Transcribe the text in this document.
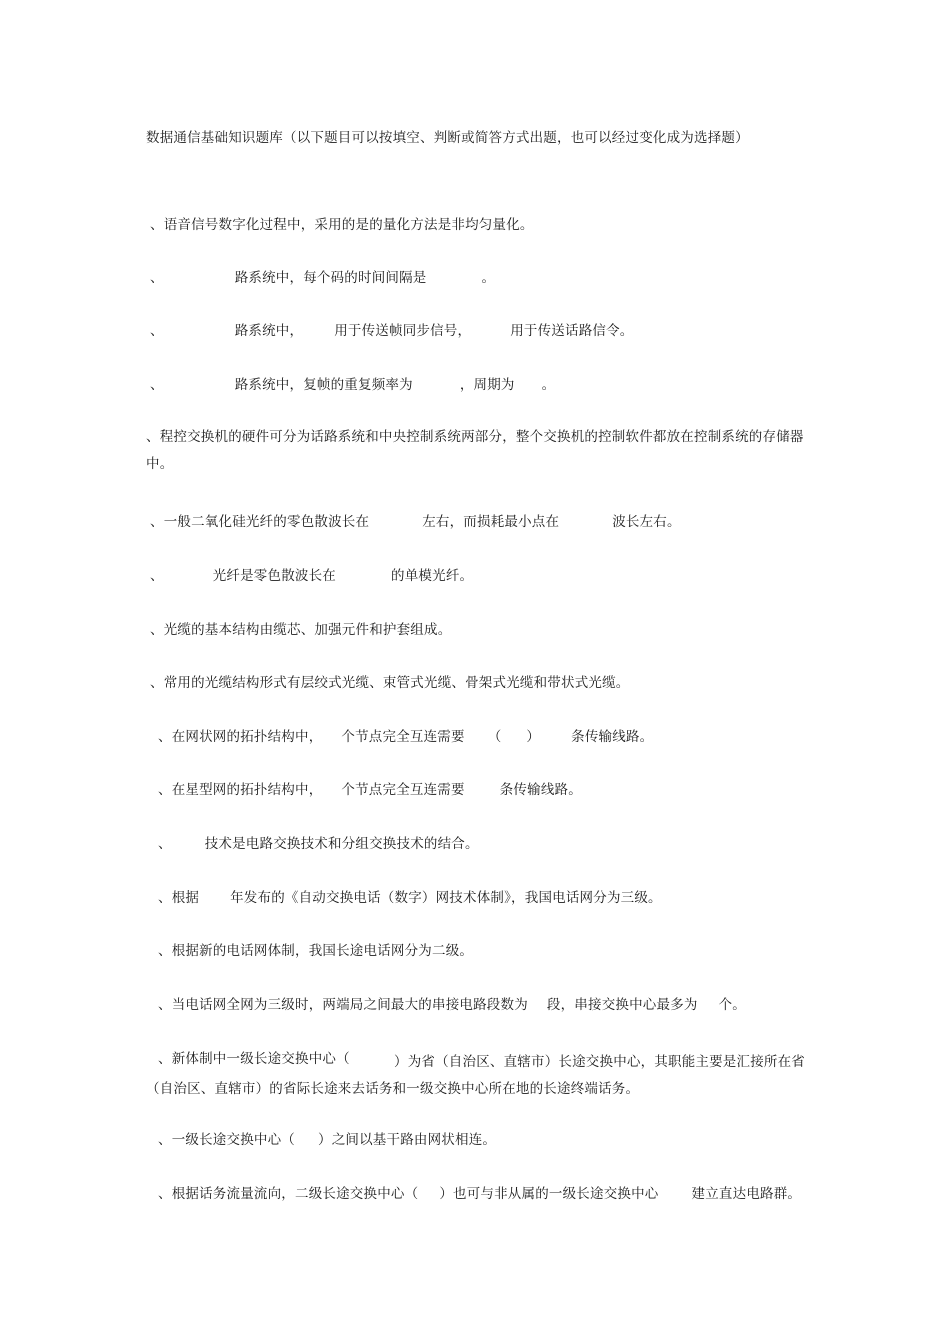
数据通信基础知识题库（以下题目可以按填空、判断或简答方式出题，也可以经过变化成为选择题）
、语音信号数字化过程中，采用的是的量化方法是非均匀量化。
、	路系统中，每个码的时间间隔是	。
、	路系统中， 用于传送帧同步信号，	用于传送话路信令。
、	路系统中，复帧的重复频率为	，周期为 。
、程控交换机的硬件可分为话路系统和中央控制系统两部分，整个交换机的控制软件都放在控制系统的存储器中。
、一般二氧化硅光纤的零色散波长在	左右，而损耗最小点在	波长左右。
、	光纤是零色散波长在	的单模光纤。
、光缆的基本结构由缆芯、加强元件和护套组成。
、常用的光缆结构形式有层绞式光缆、束管式光缆、骨架式光缆和带状式光缆。
、在网状网的拓扑结构中， 个节点完全互连需要 （ ） 条传输线路。
、在星型网的拓扑结构中， 个节点完全互连需要	条传输线路。
、 技术是电路交换技术和分组交换技术的结合。
、根据 年发布的《自动交换电话（数字）网技术体制》，我国电话网分为三级。
、根据新的电话网体制，我国长途电话网分为二级。
、当电话网全网为三级时，两端局之间最大的串接电路段数为 段，串接交换中心最多为 个。
、新体制中一级长途交换中心（	）为省（自治区、直辖市）长途交换中心，其职能主要是汇接所在省（自治区、直辖市）的省际长途来去话务和一级交换中心所在地的长途终端话务。
、一级长途交换中心（ ）之间以基干路由网状相连。
、根据话务流量流向，二级长途交换中心（ ）也可与非从属的一级长途交换中心 建立直达电路群。
